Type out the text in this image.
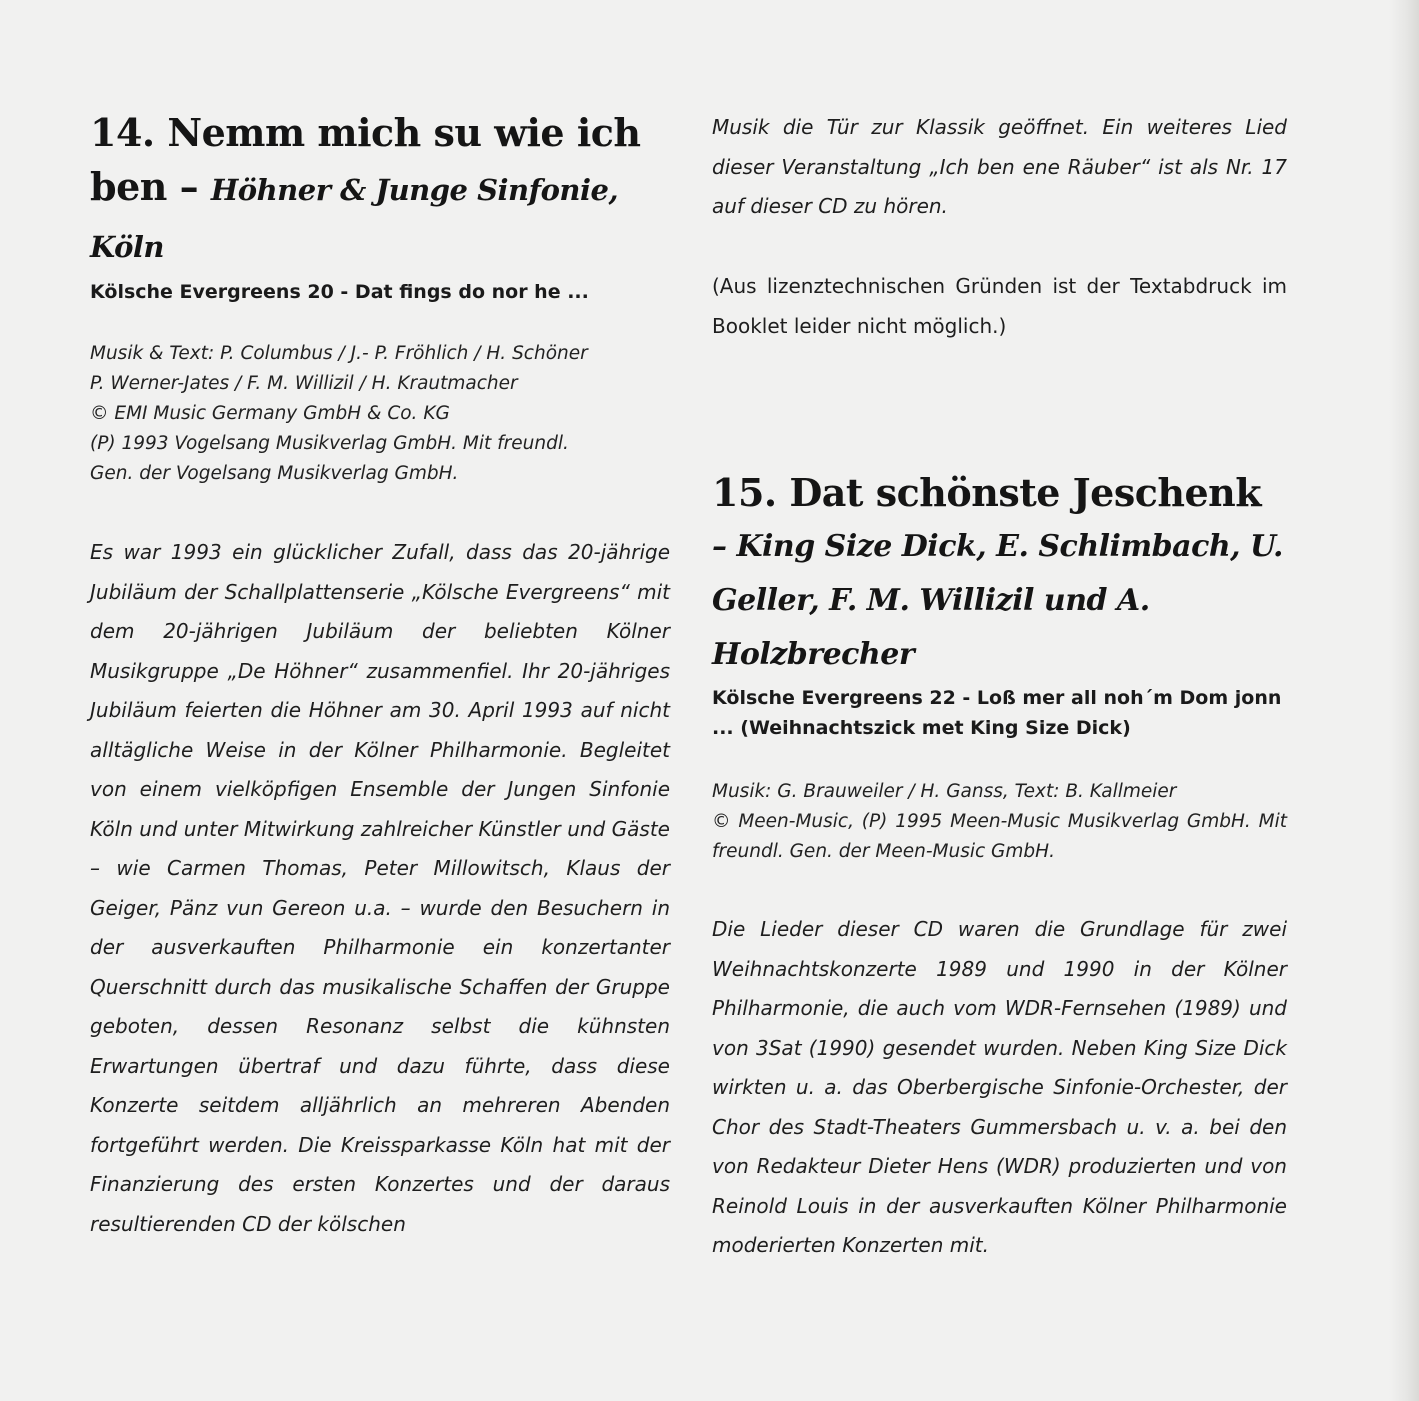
14. Nemm mich su wie ich ben – Höhner & Junge Sinfonie, Köln

Kölsche Evergreens 20 - Dat fings do nor he ...

Musik & Text: P. Columbus / J.- P. Fröhlich / H. Schöner
P. Werner-Jates / F. M. Willizil / H. Krautmacher
© EMI Music Germany GmbH & Co. KG
(P) 1993 Vogelsang Musikverlag GmbH. Mit freundl.
Gen. der Vogelsang Musikverlag GmbH.

Es war 1993 ein glücklicher Zufall, dass das 20-jährige Jubiläum der Schallplattenserie „Kölsche Evergreens“ mit dem 20-jährigen Jubiläum der beliebten Kölner Musikgruppe „De Höhner“ zusammenfiel. Ihr 20-jähriges Jubiläum feierten die Höhner am 30. April 1993 auf nicht alltägliche Weise in der Kölner Philharmonie. Begleitet von einem vielköpfigen Ensemble der Jungen Sinfonie Köln und unter Mitwirkung zahlreicher Künstler und Gäste – wie Carmen Thomas, Peter Millowitsch, Klaus der Geiger, Pänz vun Gereon u.a. – wurde den Besuchern in der ausverkauften Philharmonie ein konzertanter Querschnitt durch das musikalische Schaffen der Gruppe geboten, dessen Resonanz selbst die kühnsten Erwartungen übertraf und dazu führte, dass diese Konzerte seitdem alljährlich an mehreren Abenden fortgeführt werden. Die Kreissparkasse Köln hat mit der Finanzierung des ersten Konzertes und der daraus resultierenden CD der kölschen

Musik die Tür zur Klassik geöffnet. Ein weiteres Lied dieser Veranstaltung „Ich ben ene Räuber“ ist als Nr. 17 auf dieser CD zu hören.

(Aus lizenztechnischen Gründen ist der Textabdruck im Booklet leider nicht möglich.)

15. Dat schönste Jeschenk
– King Size Dick, E. Schlimbach, U. Geller, F. M. Willizil und A. Holzbrecher

Kölsche Evergreens 22 - Loß mer all noh´m Dom jonn ... (Weihnachtszick met King Size Dick)

Musik: G. Brauweiler / H. Ganss, Text: B. Kallmeier
© Meen-Music, (P) 1995 Meen-Music Musikverlag GmbH. Mit freundl. Gen. der Meen-Music GmbH.

Die Lieder dieser CD waren die Grundlage für zwei Weihnachtskonzerte 1989 und 1990 in der Kölner Philharmonie, die auch vom WDR-Fernsehen (1989) und von 3Sat (1990) gesendet wurden. Neben King Size Dick wirkten u. a. das Oberbergische Sinfonie-Orchester, der Chor des Stadt-Theaters Gummersbach u. v. a. bei den von Redakteur Dieter Hens (WDR) produzierten und von Reinold Louis in der ausverkauften Kölner Philharmonie moderierten Konzerten mit.
